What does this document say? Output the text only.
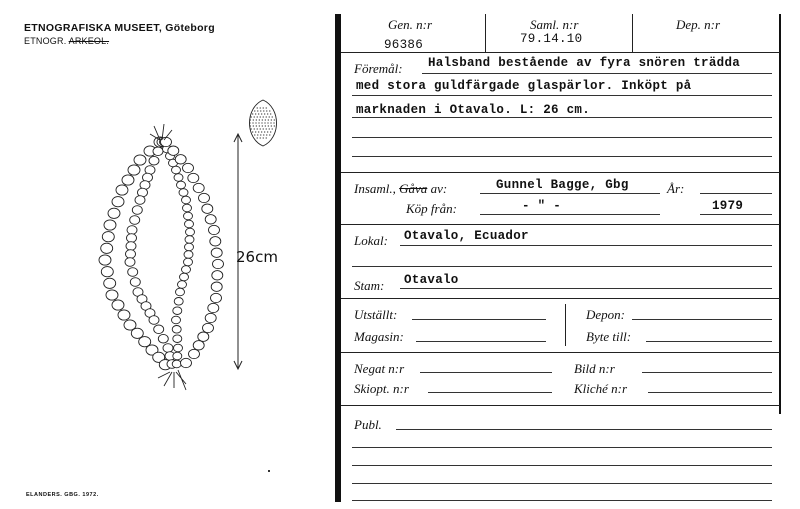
ETNOGRAFISKA MUSEET, Göteborg
ETNOGR. ARKEOL.
ELANDERS. GBG. 1972.
26cm
Gen. n:r
96386
Saml. n:r
79.14.10
Dep. n:r
Föremål: Halsband bestående av fyra snören trädda
med stora guldfärgade glaspärlor. Inköpt på
marknaden i Otavalo. L: 26 cm.
Insaml., Gåva av:	Gunnel Bagge, Gbg	År:
Köp från:	- " -	1979
Lokal: Otavalo, Ecuador
Stam: Otavalo
Utställt:	Depon:
Magasin:	Byte till:
Negat n:r	Bild n:r
Skiopt. n:r	Kliché n:r
Publ.
